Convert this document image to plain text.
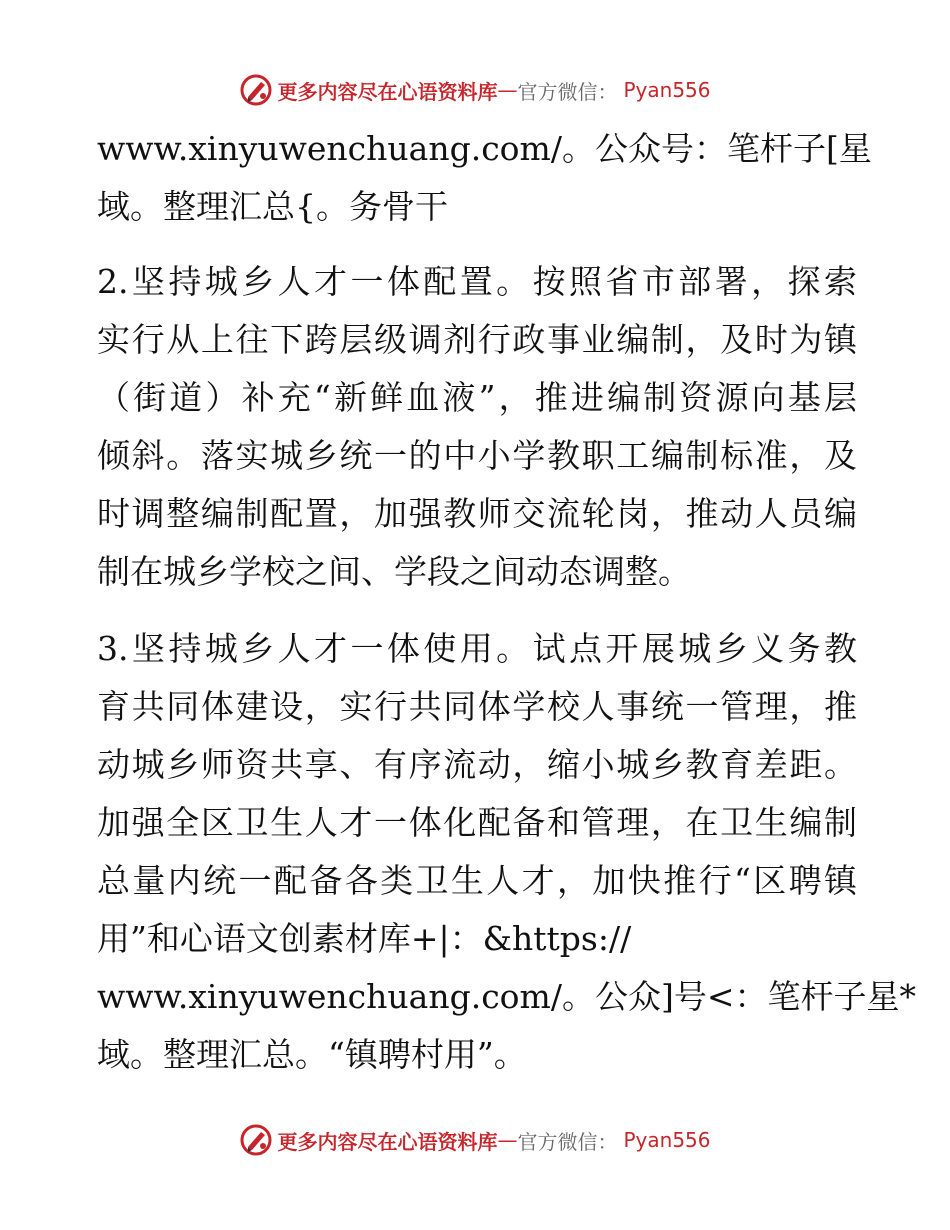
更多内容尽在心语资料库 — 官方微信： Pyan556
www.xinyuwenchuang.com/。公众号：笔杆子[星
域。整理汇总{。务骨干
2.坚持城乡人才一体配置。按照省市部署，探索
实行从上往下跨层级调剂行政事业编制，及时为镇
（街道）补充“新鲜血液”，推进编制资源向基层
倾斜。落实城乡统一的中小学教职工编制标准，及
时调整编制配置，加强教师交流轮岗，推动人员编
制在城乡学校之间、学段之间动态调整。
3.坚持城乡人才一体使用。试点开展城乡义务教
育共同体建设，实行共同体学校人事统一管理，推
动城乡师资共享、有序流动，缩小城乡教育差距。
加强全区卫生人才一体化配备和管理，在卫生编制
总量内统一配备各类卫生人才，加快推行“区聘镇
用”和心语文创素材库+|：&https://
www.xinyuwenchuang.com/。公众]号<：笔杆子星*
域。整理汇总。“镇聘村用”。
更多内容尽在心语资料库 — 官方微信： Pyan556
